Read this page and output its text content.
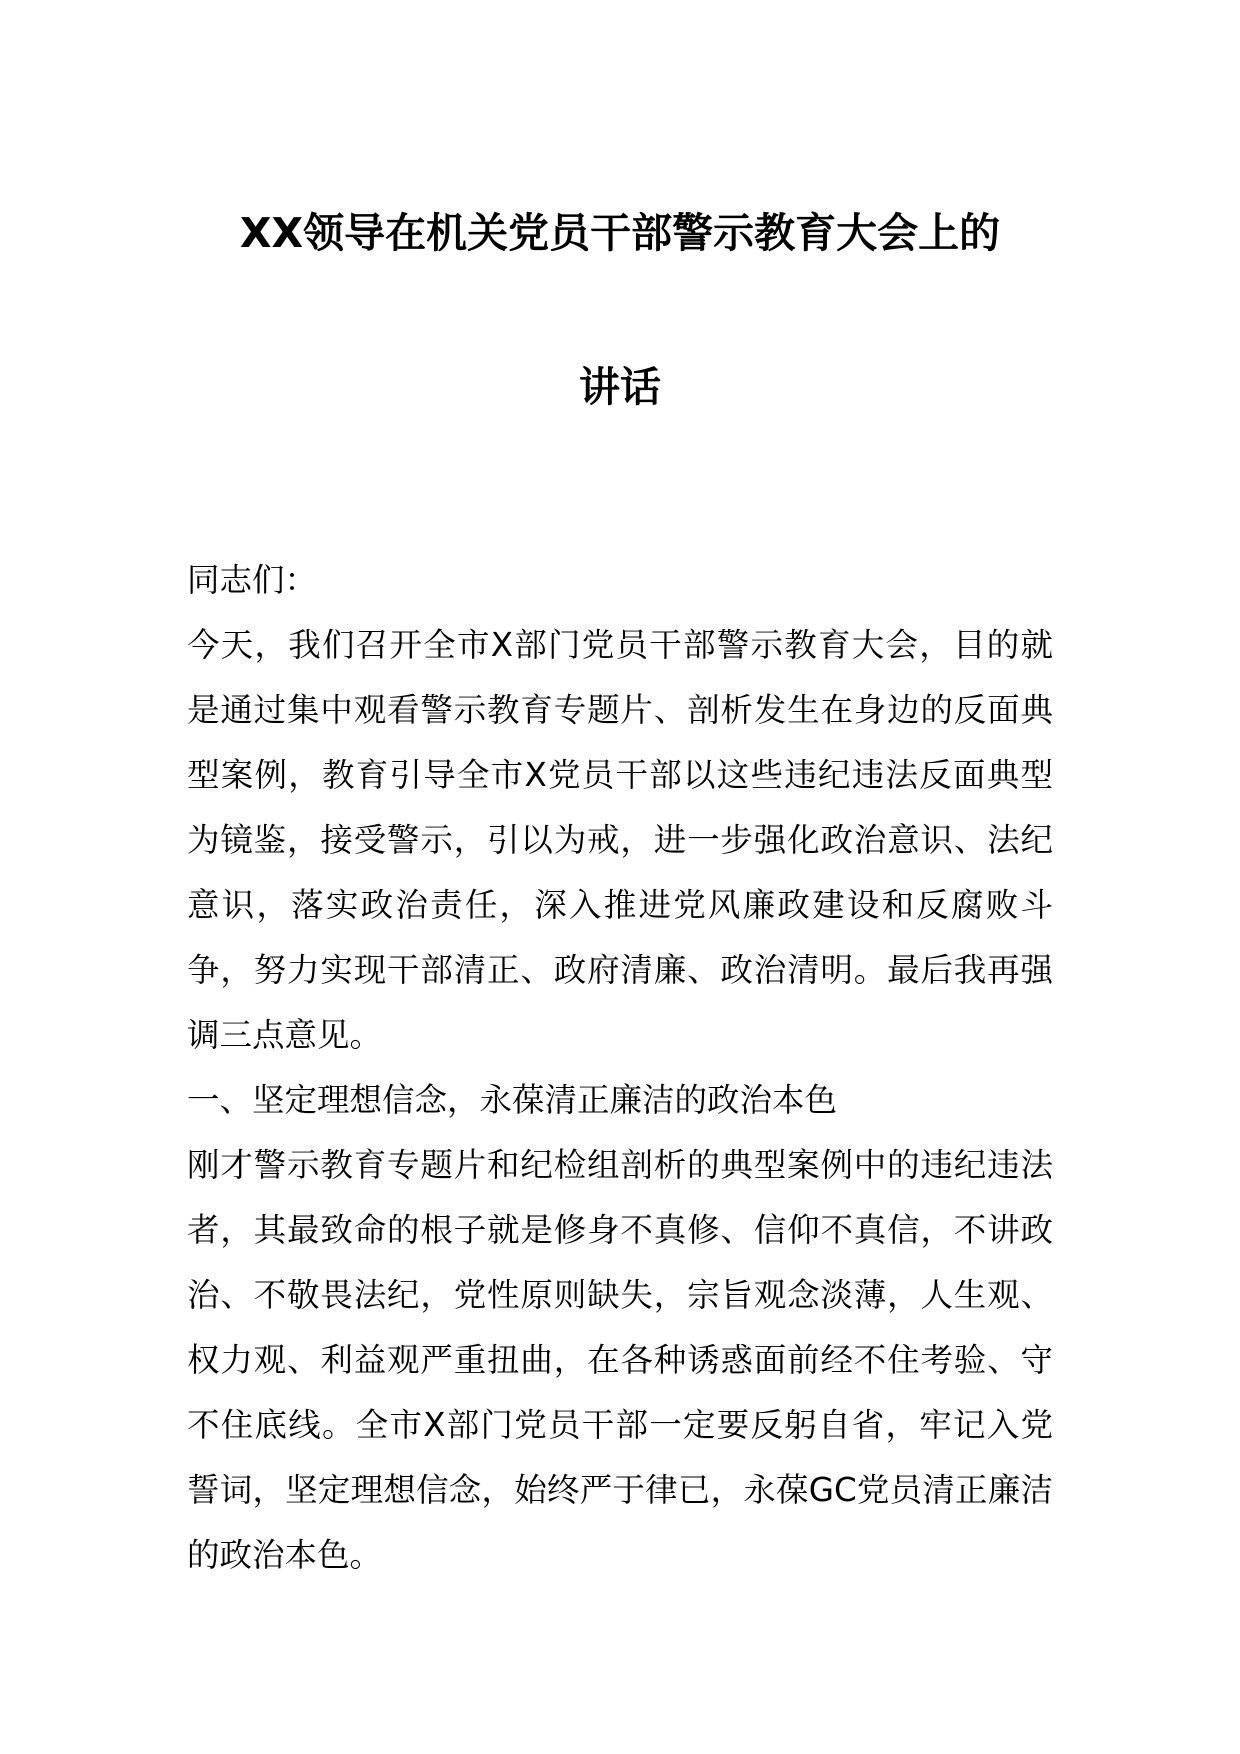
XX领导在机关党员干部警示教育大会上的
讲话

同志们：

今天，我们召开全市X部门党员干部警示教育大会，目的就是通过集中观看警示教育专题片、剖析发生在身边的反面典型案例，教育引导全市X党员干部以这些违纪违法反面典型为镜鉴，接受警示，引以为戒，进一步强化政治意识、法纪意识，落实政治责任，深入推进党风廉政建设和反腐败斗争，努力实现干部清正、政府清廉、政治清明。最后我再强调三点意见。

一、坚定理想信念，永葆清正廉洁的政治本色

刚才警示教育专题片和纪检组剖析的典型案例中的违纪违法者，其最致命的根子就是修身不真修、信仰不真信，不讲政治、不敬畏法纪，党性原则缺失，宗旨观念淡薄，人生观、权力观、利益观严重扭曲，在各种诱惑面前经不住考验、守不住底线。全市X部门党员干部一定要反躬自省，牢记入党誓词，坚定理想信念，始终严于律已，永葆GC党员清正廉洁的政治本色。
